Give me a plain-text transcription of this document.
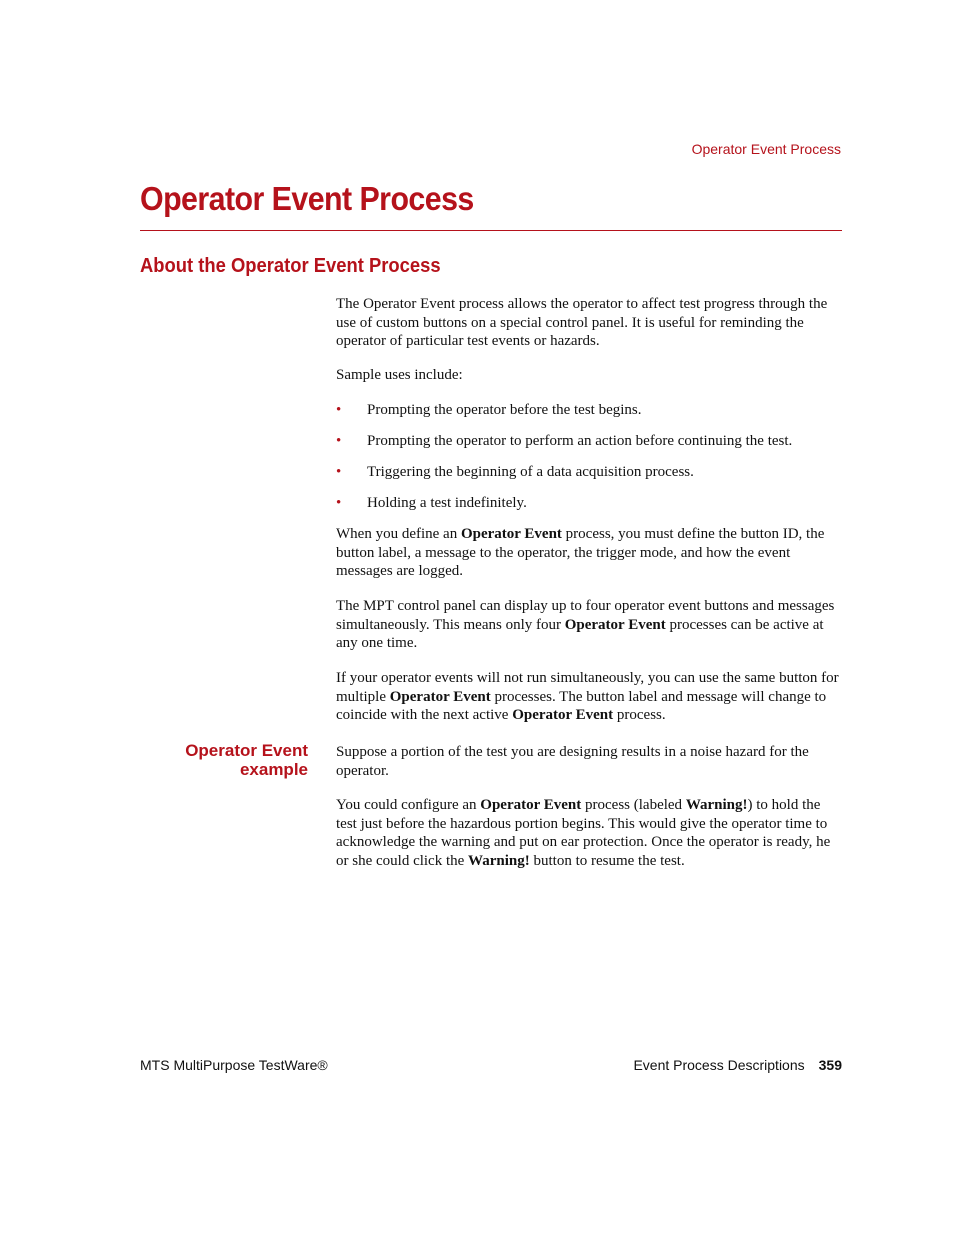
Operator Event Process
Operator Event Process
About the Operator Event Process

The Operator Event process allows the operator to affect test progress through the use of custom buttons on a special control panel. It is useful for reminding the operator of particular test events or hazards.

Sample uses include:

• Prompting the operator before the test begins.
• Prompting the operator to perform an action before continuing the test.
• Triggering the beginning of a data acquisition process.
• Holding a test indefinitely.

When you define an Operator Event process, you must define the button ID, the button label, a message to the operator, the trigger mode, and how the event messages are logged.

The MPT control panel can display up to four operator event buttons and messages simultaneously. This means only four Operator Event processes can be active at any one time.

If your operator events will not run simultaneously, you can use the same button for multiple Operator Event processes. The button label and message will change to coincide with the next active Operator Event process.

Operator Event
example

Suppose a portion of the test you are designing results in a noise hazard for the operator.

You could configure an Operator Event process (labeled Warning!) to hold the test just before the hazardous portion begins. This would give the operator time to acknowledge the warning and put on ear protection. Once the operator is ready, he or she could click the Warning! button to resume the test.

MTS MultiPurpose TestWare®	Event Process Descriptions 359
